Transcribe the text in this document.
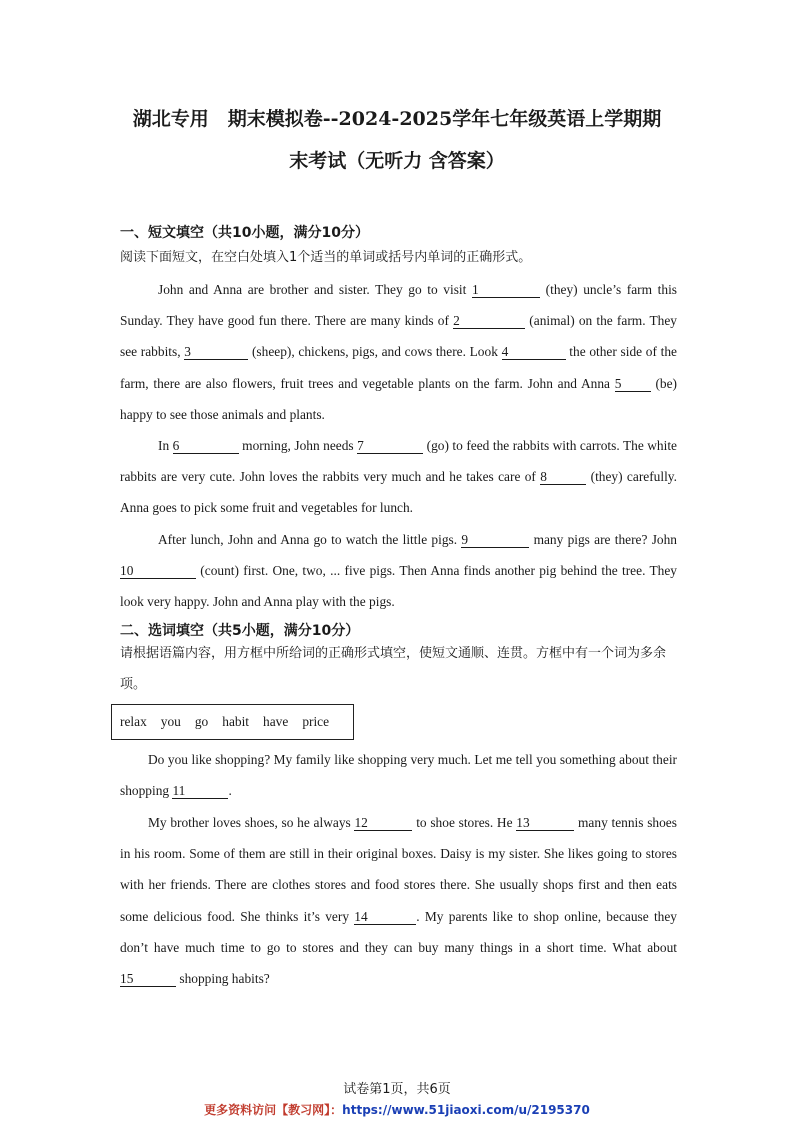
湖北专用　期末模拟卷--2024-2025学年七年级英语上学期期
末考试（无听力 含答案）
一、短文填空（共10小题，满分10分）
阅读下面短文，在空白处填入1个适当的单词或括号内单词的正确形式。
John and Anna are brother and sister. They go to visit 1	(they) uncle’s farm this Sunday. They have good fun there. There are many kinds of 2	(animal) on the farm. They see rabbits, 3	(sheep), chickens, pigs, and cows there. Look 4	the other side of the farm, there are also flowers, fruit trees and vegetable plants on the farm. John and Anna 5	(be) happy to see those animals and plants.
In 6	morning, John needs 7	(go) to feed the rabbits with carrots. The white rabbits are very cute. John loves the rabbits very much and he takes care of 8	(they) carefully. Anna goes to pick some fruit and vegetables for lunch.
After lunch, John and Anna go to watch the little pigs. 9	many pigs are there? John 10	(count) first. One, two, ... five pigs. Then Anna finds another pig behind the tree. They look very happy. John and Anna play with the pigs.
二、选词填空（共5小题，满分10分）
请根据语篇内容，用方框中所给词的正确形式填空，使短文通顺、连贯。方框中有一个词为多余项。
relax you go habit have price
Do you like shopping? My family like shopping very much. Let me tell you something about their shopping 11	.
My brother loves shoes, so he always 12	to shoe stores. He 13	many tennis shoes in his room. Some of them are still in their original boxes. Daisy is my sister. She likes going to stores with her friends. There are clothes stores and food stores there. She usually shops first and then eats some delicious food. She thinks it’s very 14	. My parents like to shop online, because they don’t have much time to go to stores and they can buy many things in a short time. What about 15	shopping habits?
试卷第1页，共6页
更多资料访问【教习网】：https://www.51jiaoxi.com/u/2195370
